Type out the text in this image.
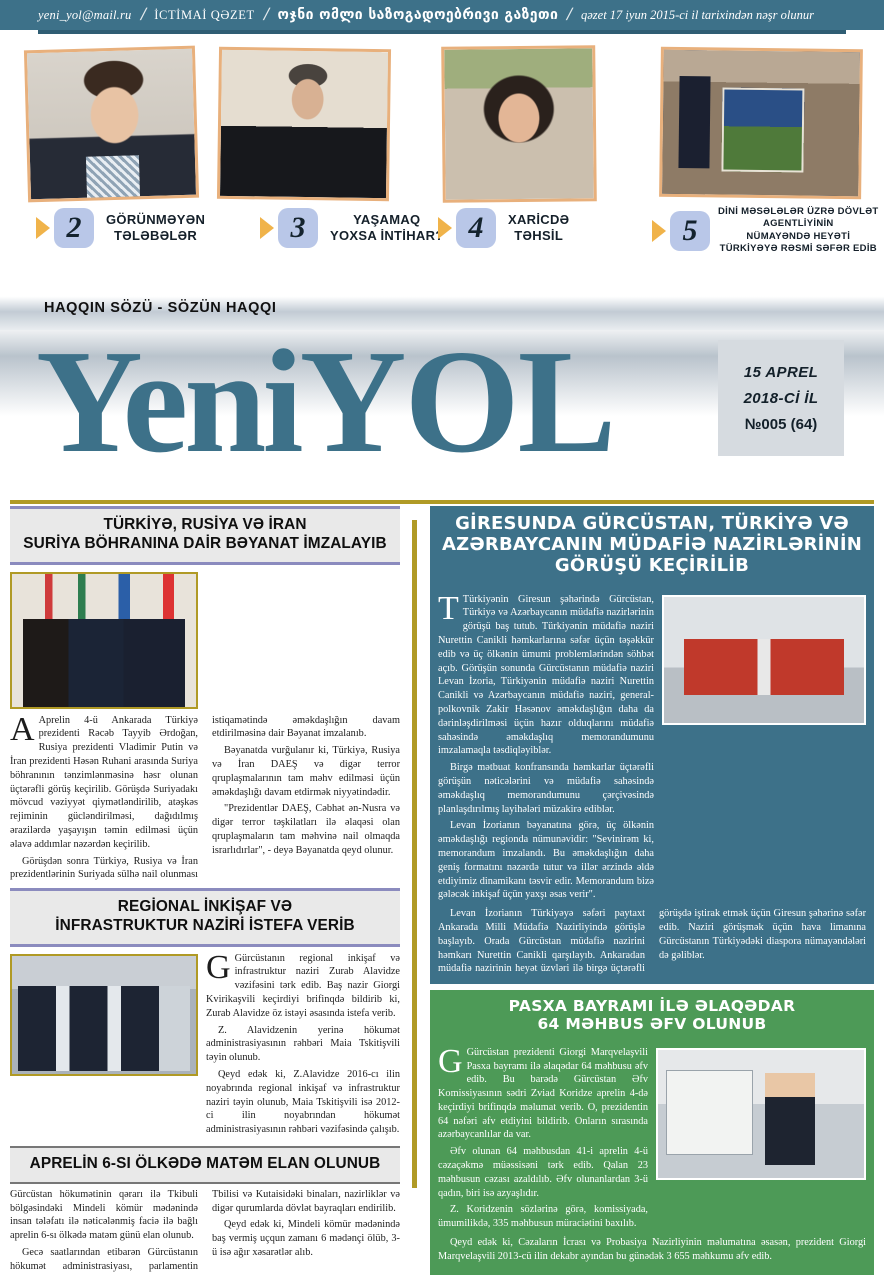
yeni_yol@mail.ru / İCTİMAİ QƏZET / ოჯნი ომლი საზოგადოებრივი გაზეთი / qəzet 17 iyun 2015-ci il tarixindən nəşr olunur
2 GÖRÜNMƏYƏN
TƏLƏBƏLƏR	3	YAŞAMAQ
YOXSA İNTİHAR? 4 XARİCDƏ
TƏHSİL	5
DİNİ MƏSƏLƏLƏR ÜZRƏ DÖVLƏT
AGENTLİYİNİN
NÜMAYƏNDƏ HEYƏTİ
TÜRKİYƏYƏ RƏSMİ SƏFƏR EDİB
HAQQIN SÖZÜ - SÖZÜN HAQQI
YeniYOL	15 APREL
2018-Cİ İL
№005 (64)
TÜRKİYƏ, RUSİYA VƏ İRAN
SURİYA BÖHRANINA DAİR BƏYANAT İMZALAYIB

A Aprelin 4-ü Ankarada Türkiyə prezidenti Rəcəb Tayyib Ərdoğan, Rusiya prezidenti Vladimir Putin və İran prezidenti Həsən Ruhani arasında Suriya böhranının tənzimlənməsinə həsr olunan üçtərəfli görüş keçirilib. Görüşdə Suriyadakı mövcud vəziyyət qiymətləndirilib, atəşkəs rejiminin gücləndirilməsi, dağıdılmış ərazilərdə yaşayışın təmin edilməsi üçün əlavə addımlar nəzərdən keçirilib.

Görüşdən sonra Türkiyə, Rusiya və İran prezidentlərinin Suriyada sülhə nail olunması istiqamətində əməkdaşlığın davam etdirilməsinə dair Bəyanat imzalanıb.

Bəyanatda vurğulanır ki, Türkiyə, Rusiya və İran DAEŞ və digər terror qruplaşmalarının tam məhv edilməsi üçün əməkdaşlığı davam etdirmək niyyətindədir.

"Prezidentlər DAEŞ, Cəbhət ən-Nusra və digər terror təşkilatları ilə əlaqəsi olan qruplaşmaların tam məhvinə nail olmaqda israrlıdırlar", - deyə Bəyanatda qeyd olunur.

REGİONAL İNKİŞAF VƏ
İNFRASTRUKTUR NAZİRİ İSTEFA VERİB

G Gürcüstanın regional inkişaf və infrastruktur naziri Zurab Alavidze vəzifəsini tərk edib. Baş nazir Giorgi Kvirikaşvili keçirdiyi brifinqdə bildirib ki, Zurab Alavidze öz istəyi əsasında istefa verib.

Z. Alavidzenin yerinə hökumət administrasiyasının rəhbəri Maia Tskitişvili təyin olunub.

Qeyd edək ki, Z.Alavidze 2016-cı ilin noyabrında regional inkişaf və infrastruktur naziri təyin olunub, Maia Tskitişvili isə 2012-ci ilin noyabrından hökumət administrasiyasının rəhbəri vəzifəsində çalışıb.

APRELİN 6-SI ÖLKƏDƏ MATƏM ELAN OLUNUB

Gürcüstan hökumətinin qərarı ilə Tkibuli bölgəsindəki Mindeli kömür mədənində insan tələfatı ilə nəticələnmiş faciə ilə bağlı aprelin 6-sı ölkədə matəm günü elan olunub.

Gecə saatlarından etibarən Gürcüstanın hökumət administrasiyası, parlamentin Tbilisi və Kutaisidəki binaları, nazirliklər və digər qurumlarda dövlət bayraqları endirilib.

Qeyd edək ki, Mindeli kömür mədənində baş vermiş uçqun zamanı 6 mədənçi ölüb, 3-ü isə ağır xəsarətlər alıb.

GİRESUNDA GÜRCÜSTAN, TÜRKİYƏ VƏ
AZƏRBAYCANIN MÜDAFİƏ NAZİRLƏRİNİN
GÖRÜŞÜ KEÇİRİLİB

T Türkiyənin Giresun şəhərində Gürcüstan, Türkiyə və Azərbaycanın müdafiə nazirlərinin görüşü baş tutub. Türkiyənin müdafiə naziri Nurettin Canikli həmkarlarına səfər üçün təşəkkür edib və üç ölkənin ümumi problemlərindən söhbət açıb. Görüşün sonunda Gürcüstanın müdafiə naziri Levan İzoria, Türkiyənin müdafiə naziri Nurettin Canikli və Azərbaycanın müdafiə naziri, general-polkovnik Zakir Həsənov əməkdaşlığın daha da dərinləşdirilməsi üçün hazır olduqlarını müdafiə sahəsində əməkdaşlıq memorandumunu imzalamaqla təsdiqləyiblər.

Birgə mətbuat konfransında həmkarlar üçtərəfli görüşün nəticələrini və müdafiə sahəsində əməkdaşlıq memorandumunu çərçivəsində planlaşdırılmış layihələri müzakirə ediblər.

Levan İzorianın bəyanatına görə, üç ölkənin əməkdaşlığı regionda nümunəvidir: "Sevinirəm ki, memorandum imzalandı. Bu əməkdaşlığın daha geniş formatını nəzərdə tutur və illər ərzində əldə etdiyimiz dinamikanı təsvir edir. Memorandum bizə gələcək inkişaf üçün yaxşı əsas verir".

Levan İzorianın Türkiyəyə səfəri paytaxt Ankarada Milli Müdafiə Nazirliyində görüşlə başlayıb. Orada Gürcüstan müdafiə nazirini həmkarı Nurettin Canikli qarşılayıb. Ankaradan müdafiə nazirinin heyət üzvləri ilə birgə üçtərəfli görüşdə iştirak etmək üçün Giresun şəhərinə səfər edib. Naziri görüşmək üçün hava limanına Gürcüstanın Türkiyədəki diaspora nümayəndələri də gəliblər.

PASXA BAYRAMI İLƏ ƏLAQƏDAR
64 MƏHBUS ƏFV OLUNUB

G Gürcüstan prezidenti Giorgi Marqvelaşvili Pasxa bayramı ilə əlaqədar 64 məhbusu əfv edib. Bu barədə Gürcüstan Əfv Komissiyasının sədri Zviad Koridze aprelin 4-də keçirdiyi brifinqdə məlumat verib. O, prezidentin 64 nəfəri əfv etdiyini bildirib. Onların sırasında azərbaycanlılar da var.

Əfv olunan 64 məhbusdan 41-i aprelin 4-ü cəzaçəkmə müəssisəni tərk edib. Qalan 23 məhbusun cəzası azaldılıb. Əfv olunanlardan 3-ü qadın, biri isə azyaşlıdır.

Z. Koridzenin sözlərinə görə, komissiyada, ümumilikdə, 335 məhbusun müraciətini baxılıb.

Qeyd edək ki, Cəzaların İcrası və Probasiya Nazirliyinin məlumatına əsasən, prezident Giorgi Marqvelaşvili 2013-cü ilin dekabr ayından bu günədək 3 655 məhkumu əfv edib.
